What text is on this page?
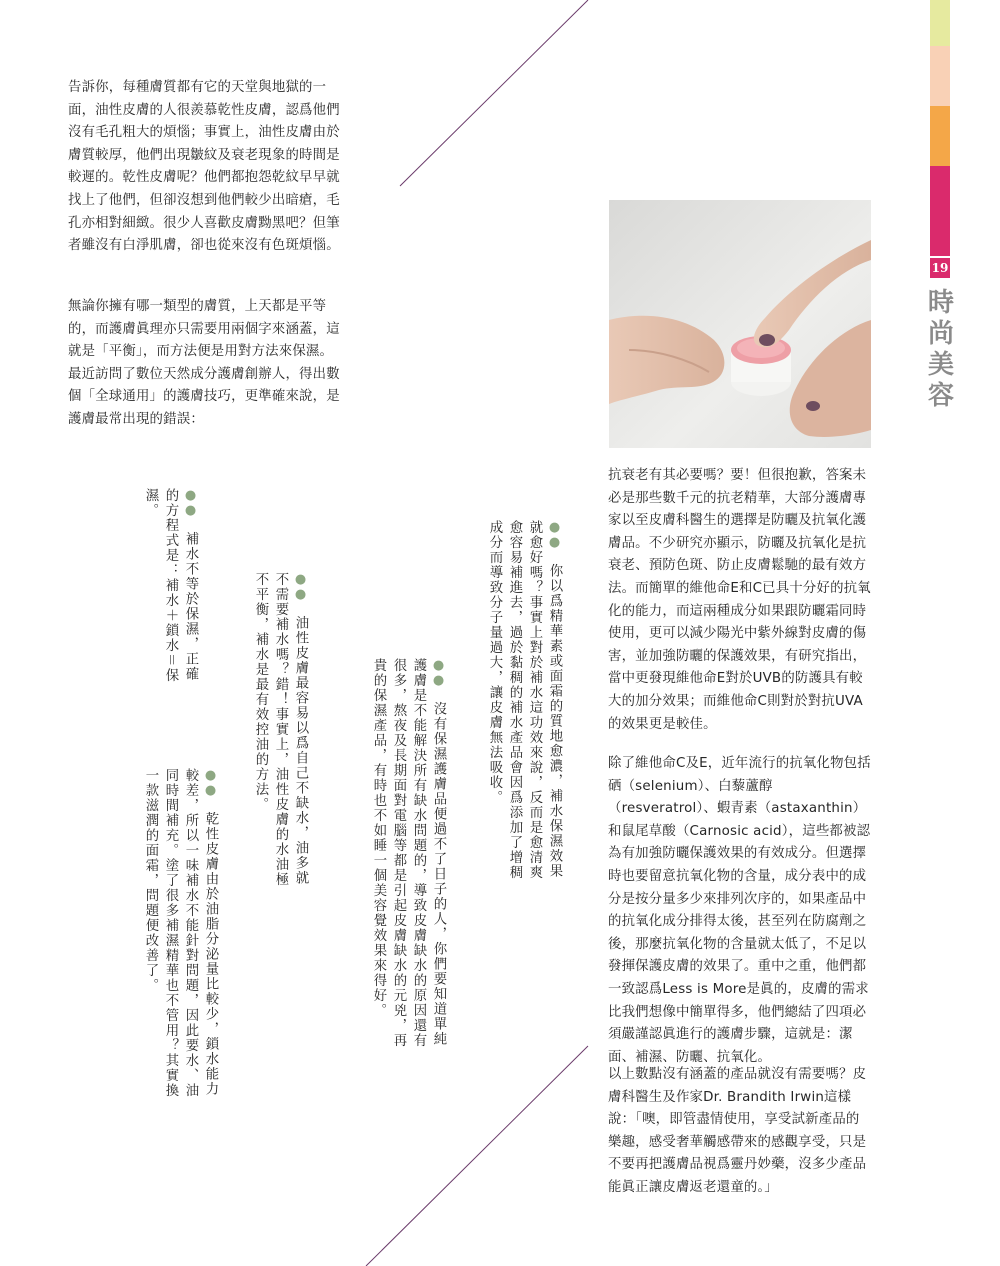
19
時尚美容
告訴你，每種膚質都有它的天堂與地獄的一面，油性皮膚的人很羨慕乾性皮膚，認爲他們沒有毛孔粗大的煩惱；事實上，油性皮膚由於膚質較厚，他們出現皺紋及衰老現象的時間是較遲的。乾性皮膚呢？他們都抱怨乾紋早早就找上了他們，但卻沒想到他們較少出暗瘡，毛孔亦相對細緻。很少人喜歡皮膚黝黑吧？但筆者雖沒有白淨肌膚，卻也從來沒有色斑煩惱。
無論你擁有哪一類型的膚質，上天都是平等的，而護膚眞理亦只需要用兩個字來涵蓋，這就是「平衡」，而方法便是用對方法來保濕。最近訪問了數位天然成分護膚創辦人，得出數個「全球通用」的護膚技巧，更準確來說，是護膚最常出現的錯誤：
抗衰老有其必要嗎？要！但很抱歉，答案未必是那些數千元的抗老精華，大部分護膚專家以至皮膚科醫生的選擇是防曬及抗氧化護膚品。不少研究亦顯示，防曬及抗氧化是抗衰老、預防色斑、防止皮膚鬆馳的最有效方法。而簡單的維他命E和C已具十分好的抗氧化的能力，而這兩種成分如果跟防曬霜同時使用，更可以減少陽光中紫外線對皮膚的傷害，並加強防曬的保護效果，有研究指出，當中更發現維他命E對於UVB的防護具有較大的加分效果；而維他命C則對於對抗UVA的效果更是較佳。
除了維他命C及E，近年流行的抗氧化物包括硒（selenium）、白藜蘆醇（resveratrol）、蝦青素（astaxanthin）和鼠尾草酸（Carnosic acid），這些都被認為有加強防曬保護效果的有效成分。但選擇時也要留意抗氧化物的含量，成分表中的成分是按分量多少來排列次序的，如果產品中的抗氧化成分排得太後，甚至列在防腐劑之後，那麼抗氧化物的含量就太低了，不足以發揮保護皮膚的效果了。重中之重，他們都一致認爲Less is More是眞的，皮膚的需求比我們想像中簡單得多，他們總結了四項必須嚴謹認眞進行的護膚步驟，這就是：潔面、補濕、防曬、抗氧化。
以上數點沒有涵蓋的產品就沒有需要嗎？皮膚科醫生及作家Dr. Brandith Irwin這樣說：「噢，即管盡情使用，享受試新產品的樂趣，感受奢華觸感帶來的感觀享受，只是不要再把護膚品視爲靈丹妙藥，沒多少產品能眞正讓皮膚返老還童的。」
●● 你以爲精華素或面霜的質地愈濃，補水保濕效果就愈好嗎？事實上對於補水這功效來說，反而是愈清爽愈容易補進去，過於黏稠的補水產品會因爲添加了增稠成分而導致分子量過大，讓皮膚無法吸收。
●● 沒有保濕護膚品便過不了日子的人，你們要知道單純護膚是不能解決所有缺水問題的，導致皮膚缺水的原因還有很多，熬夜及長期面對電腦等都是引起皮膚缺水的元兇，再貴的保濕產品，有時也不如睡一個美容覺效果來得好。
●● 油性皮膚最容易以爲自己不缺水，油多就不需要補水嗎？錯！事實上，油性皮膚的水油極不平衡，補水是最有效控油的方法。
●● 乾性皮膚由於油脂分泌量比較少，鎖水能力較差，所以一味補水不能針對問題，因此要水、油同時間補充。塗了很多補濕精華也不管用？其實換一款滋潤的面霜，問題便改善了。
●● 補水不等於保濕，正確的方程式是：補水＋鎖水＝保濕。
